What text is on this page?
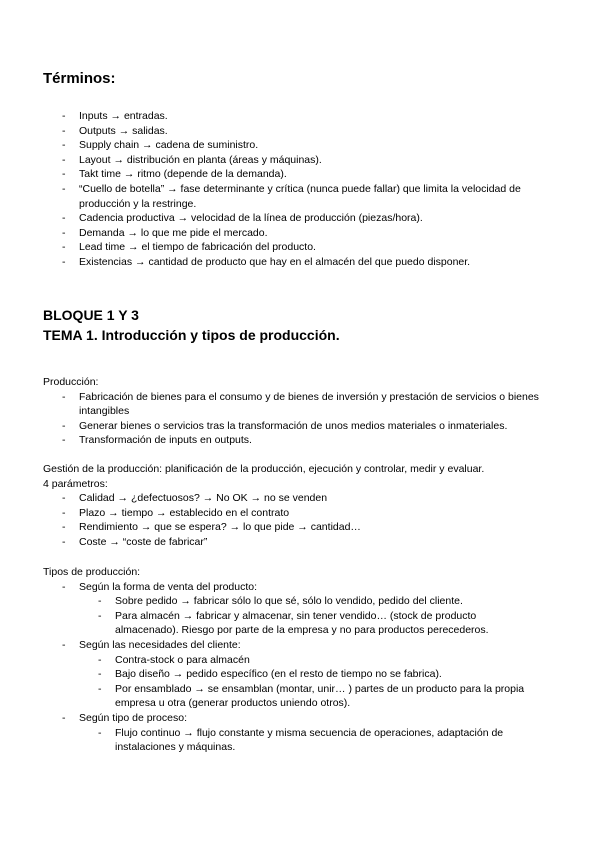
Términos:
- Inputs → entradas.
- Outputs → salidas.
- Supply chain → cadena de suministro.
- Layout → distribución en planta (áreas y máquinas).
- Takt time → ritmo (depende de la demanda).
- “Cuello de botella” → fase determinante y crítica (nunca puede fallar) que limita la velocidad de producción y la restringe.
- Cadencia productiva → velocidad de la línea de producción (piezas/hora).
- Demanda → lo que me pide el mercado.
- Lead time → el tiempo de fabricación del producto.
- Existencias → cantidad de producto que hay en el almacén del que puedo disponer.
BLOQUE 1 Y 3
TEMA 1. Introducción y tipos de producción.

Producción:

- Fabricación de bienes para el consumo y de bienes de inversión y prestación de servicios o bienes intangibles
- Generar bienes o servicios tras la transformación de unos medios materiales o inmateriales.
- Transformación de inputs en outputs.

Gestión de la producción: planificación de la producción, ejecución y controlar, medir y evaluar.

4 parámetros:

- Calidad → ¿defectuosos? → No OK → no se venden
- Plazo → tiempo → establecido en el contrato
- Rendimiento → que se espera? → lo que pide → cantidad…
- Coste → “coste de fabricar”

Tipos de producción:

- Según la forma de venta del producto:
- Sobre pedido → fabricar sólo lo que sé, sólo lo vendido, pedido del cliente.
- Para almacén → fabricar y almacenar, sin tener vendido… (stock de producto almacenado). Riesgo por parte de la empresa y no para productos perecederos.
- Según las necesidades del cliente:
- Contra-stock o para almacén
- Bajo diseño → pedido específico (en el resto de tiempo no se fabrica).
- Por ensamblado → se ensamblan (montar, unir… ) partes de un producto para la propia empresa u otra (generar productos uniendo otros).
- Según tipo de proceso:
- Flujo continuo → flujo constante y misma secuencia de operaciones, adaptación de instalaciones y máquinas.
